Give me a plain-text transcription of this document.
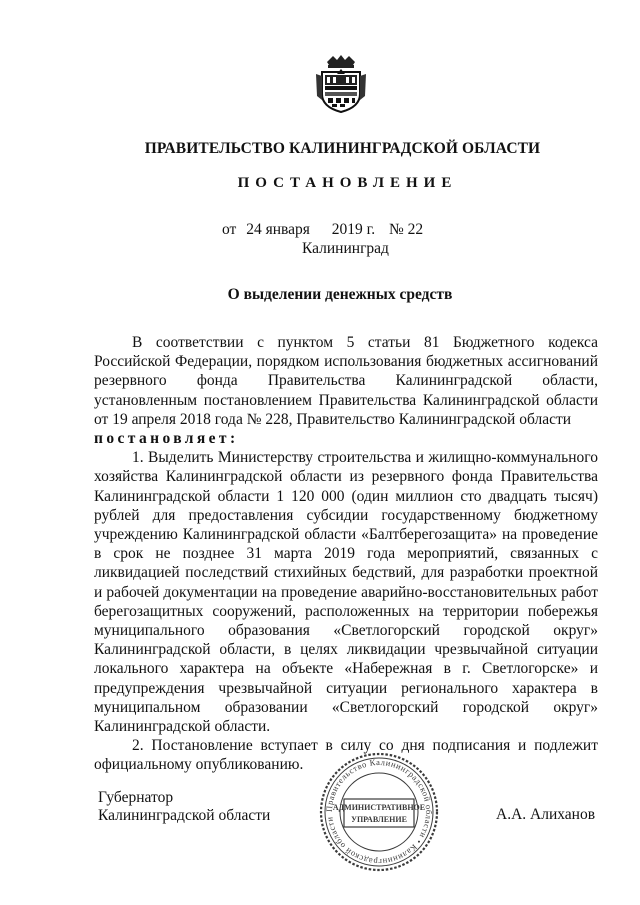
ПРАВИТЕЛЬСТВО КАЛИНИНГРАДСКОЙ ОБЛАСТИ
ПОСТАНОВЛЕНИЕ
от 24 января 2019 г. № 22
Калининград
О выделении денежных средств

В соответствии с пунктом 5 статьи 81 Бюджетного кодекса Российской Федерации, порядком использования бюджетных ассигнований резервного фонда Правительства Калининградской области, установленным постановлением Правительства Калининградской области от 19 апреля 2018 года № 228, Правительство Калининградской области

постановляет:

1. Выделить Министерству строительства и жилищно-коммунального хозяйства Калининградской области из резервного фонда Правительства Калининградской области 1 120 000 (один миллион сто двадцать тысяч) рублей для предоставления субсидии государственному бюджетному учреждению Калининградской области «Балтберегозащита» на проведение в срок не позднее 31 марта 2019 года мероприятий, связанных с ликвидацией последствий стихийных бедствий, для разработки проектной и рабочей документации на проведение аварийно-восстановительных работ берегозащитных сооружений, расположенных на территории побережья муниципального образования «Светлогорский городской округ» Калининградской области, в целях ликвидации чрезвычайной ситуации локального характера на объекте «Набережная в г. Светлогорске» и предупреждения чрезвычайной ситуации регионального характера в муниципальном образовании «Светлогорский городской округ» Калининградской области.

2. Постановление вступает в силу со дня подписания и подлежит официальному опубликованию.

Губернатор
Калининградской области	Правительство Калининградской области • Калининградской области
АДМИНИСТРАТИВНОЕ
УПРАВЛЕНИЕ	А.А. Алиханов
